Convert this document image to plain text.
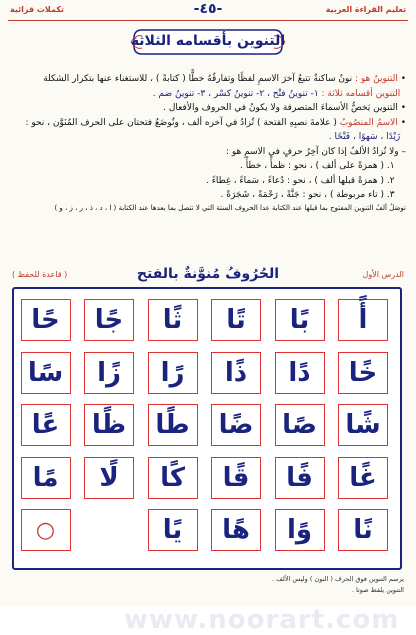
تعليم القراءة العربية
-٤٥-
تكملات قرائية
التنوين بأقسامه الثلاثة

• التنوينُ هو : نونٌ ساكنةٌ تتبعُ آخرَ الاسمِ لفظًا وتفارقُهُ خطًّا ( كتابةً ) ، للاستغناء عنها بتكرار الشكلة

التنوين أقسامه ثلاثة : ١- تنوينُ فتْح ، ٢- تنوينُ كسْر ، ٣- تنوينُ ضم .

• التنوين يَخصُّ الأسماءَ المتصرفة ولا يكونُ في الحروف والأفعال .

• الاسمُ المنصُوبُ ( علامةَ نصبِهِ الفتحة ) تُزادُ في آخره ألف ، وتُوضَعُ فتحتان على الحرف المُنَوَّن ، نحو :

زَيْدًا ، سَهوًا ، فَتْحًا .

– ولا تُزادُ الألفُ إذا كان آخِرُ حرفٍ في الاسمِ هو :

١. ( همزةً على ألف ) ، نحو : ظمأً ، خطأً .

٢. ( همزةً قبلها ألف ) ، نحو : دُعاءً ، سَماءً ، غِطاءً .

٣. ( تاء مربوطة ) ، نحو : جَنَّةً ، رَحْمَةً ، شَجَرَةً .

توصَلُ ألفُ التنوين المفتوح بما قبلها عند الكتابة عدا الحروف الستة التي لا تتصل بما بعدها عند الكتابة ( ا ، د ، ذ ، ر ، ز ، و )

الدرس الأول
الحُرُوفُ مُنوَّنةٌ بالفتح
( قاعدة للحفظ )
www.noorart.com
أً
بًا
تًا
ثًا
جًا
حًا
خًا
دًا
ذًا
رًا
زًا
سًا
شًا
صًا
ضًا
طًا
ظًا
عًا
غًا
فًا
قًا
كًا
لًا
مًا
نًا
وًا
هًا
يًا
○
يرسم التنوين فوق الحرف ( النون ) وليس الألف .
التنوين يلفظ صوتا .
